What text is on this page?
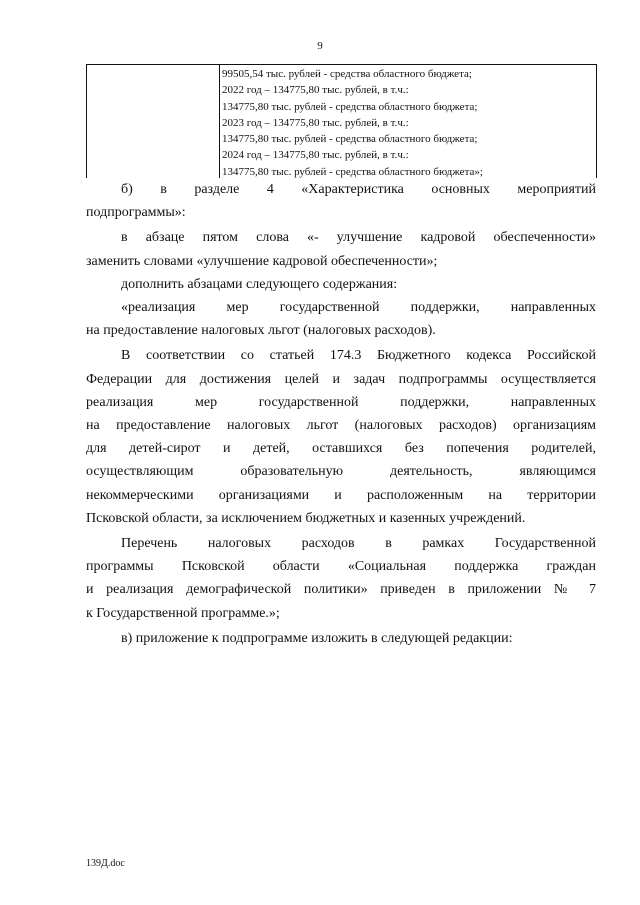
9
99505,54 тыс. рублей - средства областного бюджета;
2022 год – 134775,80 тыс. рублей, в т.ч.:
134775,80 тыс. рублей - средства областного бюджета;
2023 год – 134775,80 тыс. рублей, в т.ч.:
134775,80 тыс. рублей - средства областного бюджета;
2024 год – 134775,80 тыс. рублей, в т.ч.:
134775,80 тыс. рублей - средства областного бюджета»;

б) в разделе 4 «Характеристика основных мероприятий

подпрограммы»:

в абзаце пятом слова «- улучшение кадровой обеспеченности»

заменить словами «улучшение кадровой обеспеченности»;

дополнить абзацами следующего содержания:

«реализация мер государственной поддержки, направленных

на предоставление налоговых льгот (налоговых расходов).

В соответствии со статьей 174.3 Бюджетного кодекса Российской

Федерации для достижения целей и задач подпрограммы осуществляется
реализация мер государственной поддержки, направленных
на предоставление налоговых льгот (налоговых расходов) организациям
для детей-сирот и детей, оставшихся без попечения родителей,
осуществляющим образовательную деятельность, являющимся
некоммерческими организациями и расположенным на территории
Псковской области, за исключением бюджетных и казенных учреждений.

Перечень налоговых расходов в рамках Государственной

программы Псковской области «Социальная поддержка граждан
и реализация демографической политики» приведен в приложении № 7
к Государственной программе.»;

в) приложение к подпрограмме изложить в следующей редакции:

139Д.doc
